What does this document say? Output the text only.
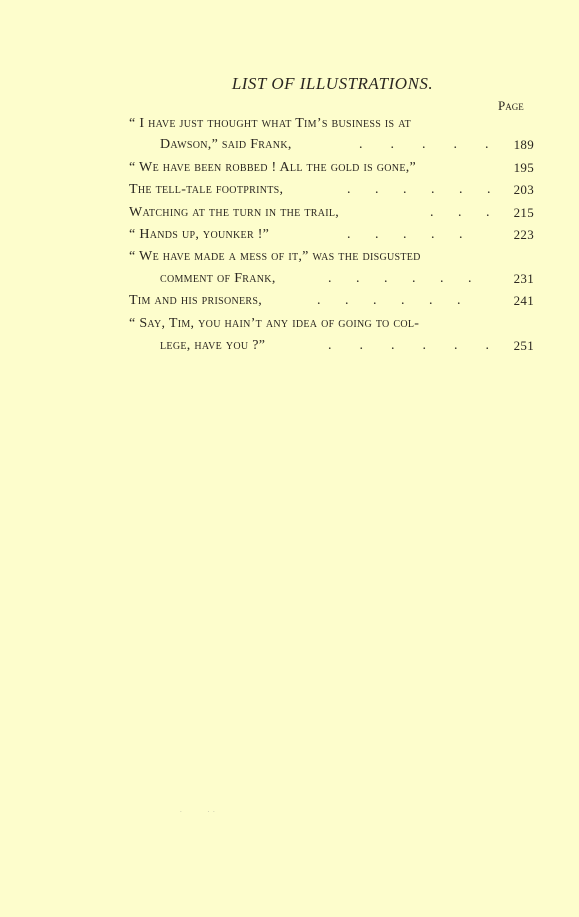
LIST OF ILLUSTRATIONS.
Page
“ I have just thought what Tim’s business is at
Dawson,” said Frank,	.        .        .        .        . 189
“ We have been robbed ! All the gold is gone,”	195
The tell-tale footprints,	.       .       .       .       .       . 203
Watching at the turn in the trail,	.       .       . 215
“ Hands up, younker !”	.       .       .       .       .	223
“ We have made a mess of it,” was the disgusted
comment of Frank,	.       .       .       .       .       .	231
Tim and his prisoners,	.       .       .       .       .       .	241
“ Say, Tim, you hain’t any idea of going to col-
lege, have you ?”	.        .        .        .        .        . 251
.         . .
